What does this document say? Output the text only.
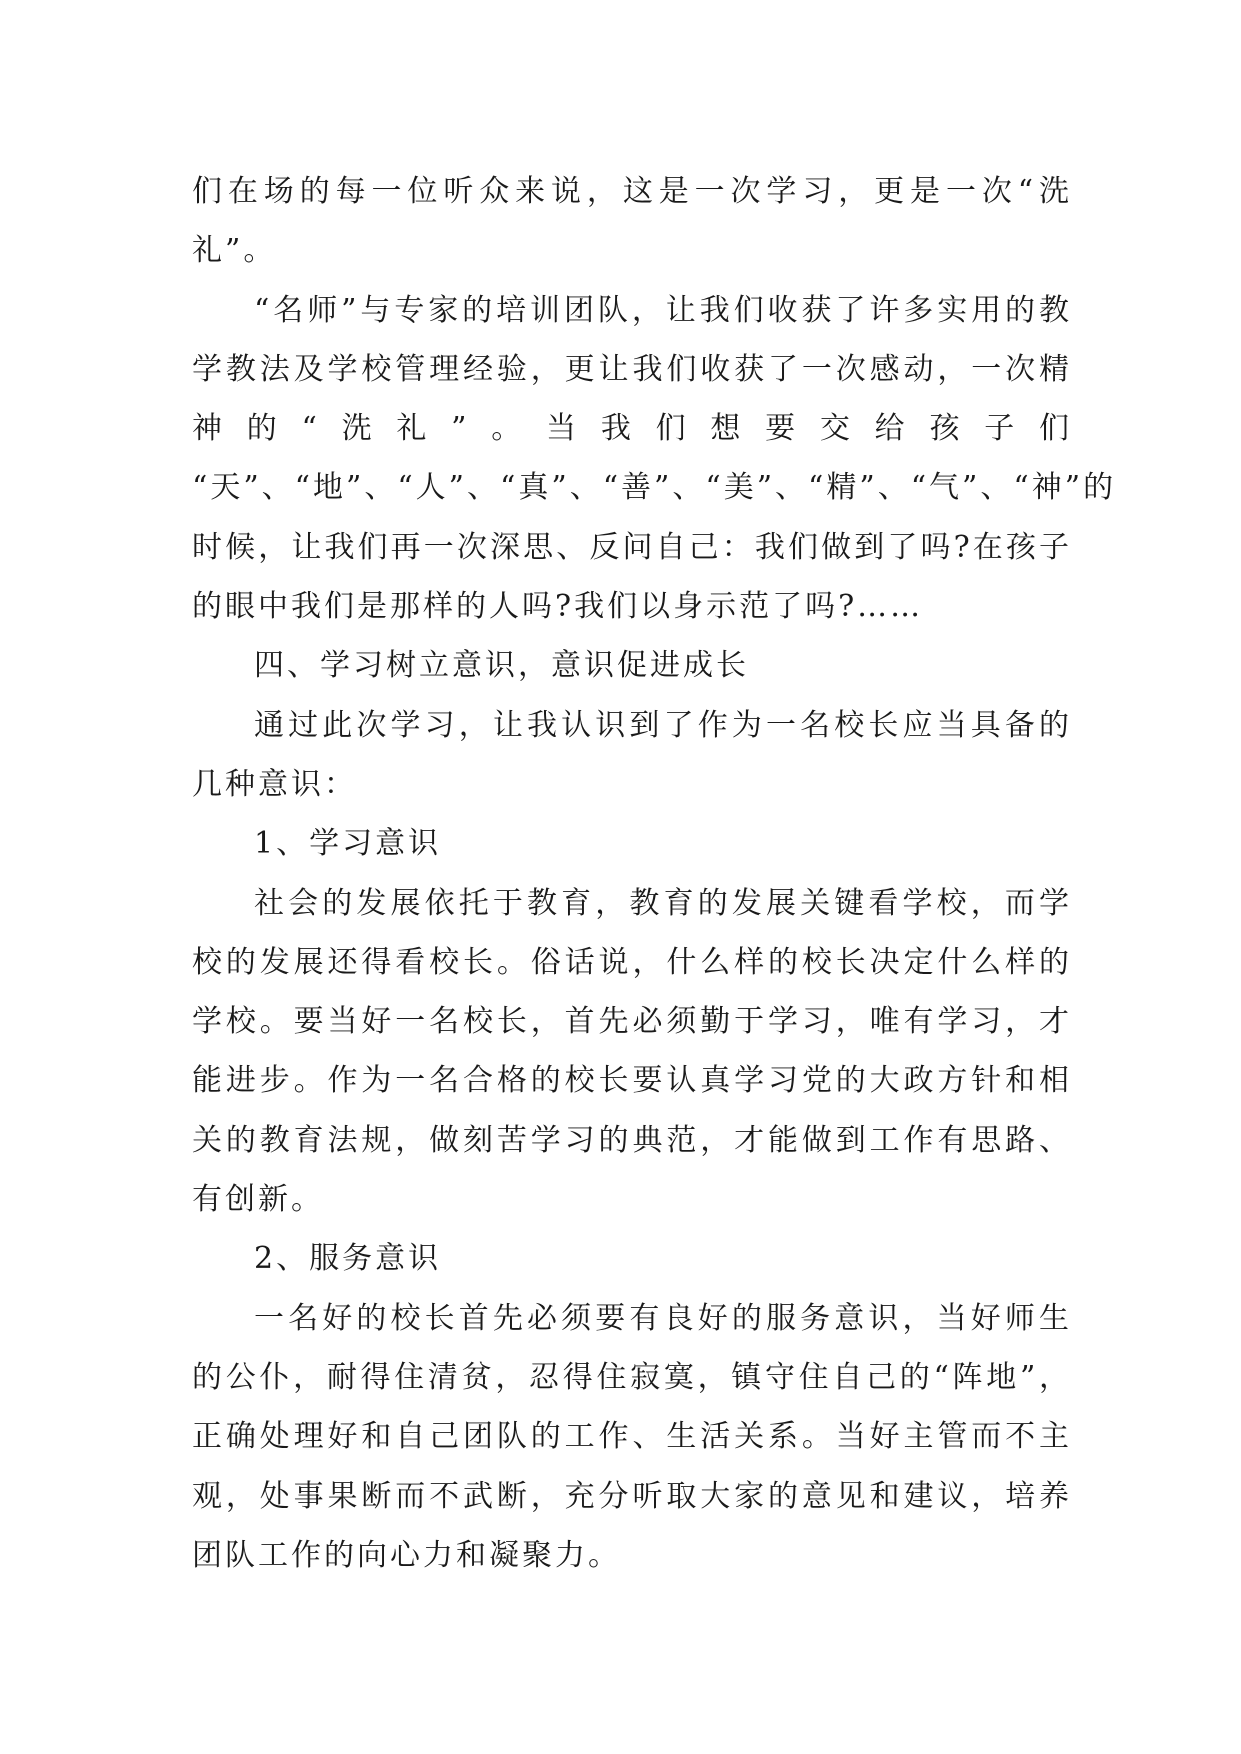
们在场的每一位听众来说，这是一次学习，更是一次“洗礼”。

“名师”与专家的培训团队，让我们收获了许多实用的教学教法及学校管理经验，更让我们收获了一次感动，一次精神的“洗礼”。当我们想要交给孩子们 “天”、“地”、“人”、“真”、“善”、“美”、“精”、“气”、“神”的时候，让我们再一次深思、反问自己：我们做到了吗?在孩子的眼中我们是那样的人吗?我们以身示范了吗?……

四、学习树立意识，意识促进成长

通过此次学习，让我认识到了作为一名校长应当具备的几种意识：

1、学习意识

社会的发展依托于教育，教育的发展关键看学校，而学校的发展还得看校长。俗话说，什么样的校长决定什么样的学校。要当好一名校长，首先必须勤于学习，唯有学习，才能进步。作为一名合格的校长要认真学习党的大政方针和相关的教育法规，做刻苦学习的典范，才能做到工作有思路、有创新。

2、服务意识

一名好的校长首先必须要有良好的服务意识，当好师生的公仆，耐得住清贫，忍得住寂寞，镇守住自己的“阵地”，正确处理好和自己团队的工作、生活关系。当好主管而不主观，处事果断而不武断，充分听取大家的意见和建议，培养团队工作的向心力和凝聚力。
